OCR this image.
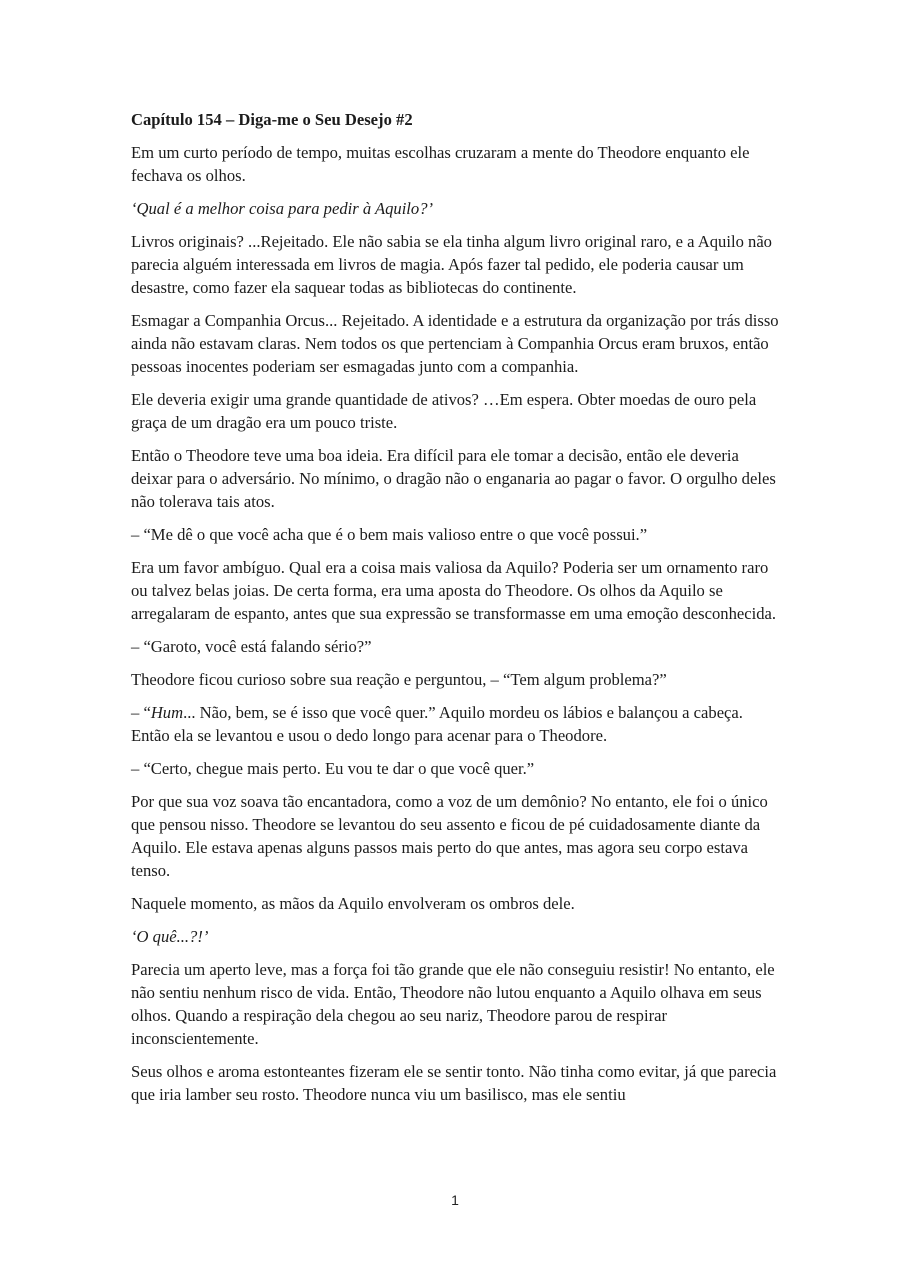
Capítulo 154 – Diga-me o Seu Desejo #2

Em um curto período de tempo, muitas escolhas cruzaram a mente do Theodore enquanto ele fechava os olhos.

‘Qual é a melhor coisa para pedir à Aquilo?’

Livros originais? ...Rejeitado. Ele não sabia se ela tinha algum livro original raro, e a Aquilo não parecia alguém interessada em livros de magia. Após fazer tal pedido, ele poderia causar um desastre, como fazer ela saquear todas as bibliotecas do continente.

Esmagar a Companhia Orcus... Rejeitado. A identidade e a estrutura da organização por trás disso ainda não estavam claras. Nem todos os que pertenciam à Companhia Orcus eram bruxos, então pessoas inocentes poderiam ser esmagadas junto com a companhia.

Ele deveria exigir uma grande quantidade de ativos? …Em espera. Obter moedas de ouro pela graça de um dragão era um pouco triste.

Então o Theodore teve uma boa ideia. Era difícil para ele tomar a decisão, então ele deveria deixar para o adversário. No mínimo, o dragão não o enganaria ao pagar o favor. O orgulho deles não tolerava tais atos.

– “Me dê o que você acha que é o bem mais valioso entre o que você possui.”

Era um favor ambíguo. Qual era a coisa mais valiosa da Aquilo? Poderia ser um ornamento raro ou talvez belas joias. De certa forma, era uma aposta do Theodore. Os olhos da Aquilo se arregalaram de espanto, antes que sua expressão se transformasse em uma emoção desconhecida.

– “Garoto, você está falando sério?”

Theodore ficou curioso sobre sua reação e perguntou, – “Tem algum problema?”

– “Hum... Não, bem, se é isso que você quer.” Aquilo mordeu os lábios e balançou a cabeça. Então ela se levantou e usou o dedo longo para acenar para o Theodore.

– “Certo, chegue mais perto. Eu vou te dar o que você quer.”

Por que sua voz soava tão encantadora, como a voz de um demônio? No entanto, ele foi o único que pensou nisso. Theodore se levantou do seu assento e ficou de pé cuidadosamente diante da Aquilo. Ele estava apenas alguns passos mais perto do que antes, mas agora seu corpo estava tenso.

Naquele momento, as mãos da Aquilo envolveram os ombros dele.

‘O quê...?!’

Parecia um aperto leve, mas a força foi tão grande que ele não conseguiu resistir! No entanto, ele não sentiu nenhum risco de vida. Então, Theodore não lutou enquanto a Aquilo olhava em seus olhos. Quando a respiração dela chegou ao seu nariz, Theodore parou de respirar inconscientemente.

Seus olhos e aroma estonteantes fizeram ele se sentir tonto. Não tinha como evitar, já que parecia que iria lamber seu rosto. Theodore nunca viu um basilisco, mas ele sentiu

1
